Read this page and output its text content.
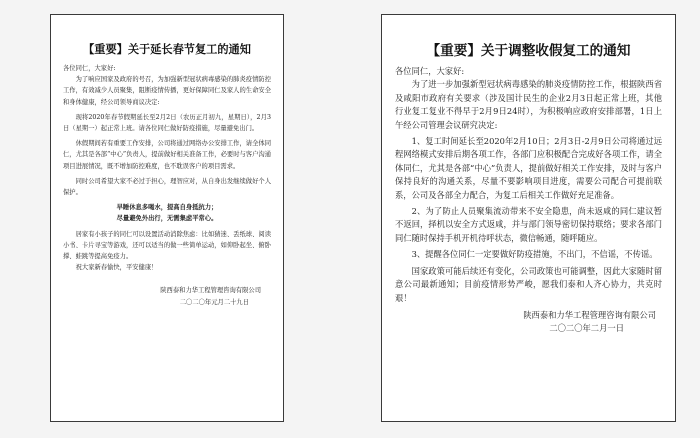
【重要】关于延长春节复工的通知

各位同仁，大家好:

为了响应国家及政府的号召，为加强新型冠状病毒感染的肺炎疫情防控工作，有效减少人员聚集，阻断疫情传播，更好保障同仁及家人的生命安全和身体健康，经公司领导商议决定:

现将2020年春节假期延长至2月2日（农历正月初九，星期日），2月3日（星期一）起正常上班。请各位同仁做好防疫措施，尽量避免出门。

休假期间若有重要工作安排，公司将通过网络办公安排工作，请全体同仁，尤其是各部“中心”负责人，提前做好相关准备工作，必要时与客户沟通项目进展情况，既不增加防控难度，也不耽误客户的项目需求。

同时公司希望大家不必过于担心，理智应对，从自身出发继续做好个人保护。

早睡休息多喝水，提高自身抵抗力；

尽量避免外出行，无需集虑平常心。

居家有小孩子的同仁可以设置活动消除焦虑：比如猜迷、丢纸球、阅读小书、卡片寻宝等游戏，还可以适当的做一些简单运动，如仰卧起坐、俯卧撑、蛙跳等提高免疫力。

祝大家新春愉快，平安健康！

陕西泰和力华工程管理咨询有限公司
二〇二〇年元月二十九日
【重要】关于调整收假复工的通知

各位同仁，大家好:

为了进一步加强新型冠状病毒感染的肺炎疫情防控工作，根据陕西省及咸阳市政府有关要求（涉及国计民生的企业2月3日起正常上班，其他行业复工复业不得早于2月9日24时），为积极响应政府安排部署，1日上午经公司管理会议研究决定:

1、复工时间延长至2020年2月10日；2月3日-2月9日公司将通过远程网络模式安排后期各项工作，各部门应积极配合完成好各项工作，请全体同仁，尤其是各部“中心”负责人，提前做好相关工作安排，及时与客户保持良好的沟通关系，尽量不要影响项目进度，需要公司配合可提前联系，公司及各部全力配合，为复工后相关工作做好充足准备。

2、为了防止人员聚集流动带来不安全隐患，尚未返咸的同仁建议暂不返回，择机以安全方式返咸，并与部门领导密切保持联络；要求各部门同仁随时保持手机开机待呼状态，微信畅通，随呼随应。

3、提醒各位同仁一定要做好防疫措施，不出门，不信谣，不传谣。

国家政策可能后续还有变化，公司政策也可能调整，因此大家随时留意公司最新通知；目前疫情形势严峻，愿我们泰和人齐心协力，共克时艰！

陕西泰和力华工程管理咨询有限公司
二〇二〇年二月一日
